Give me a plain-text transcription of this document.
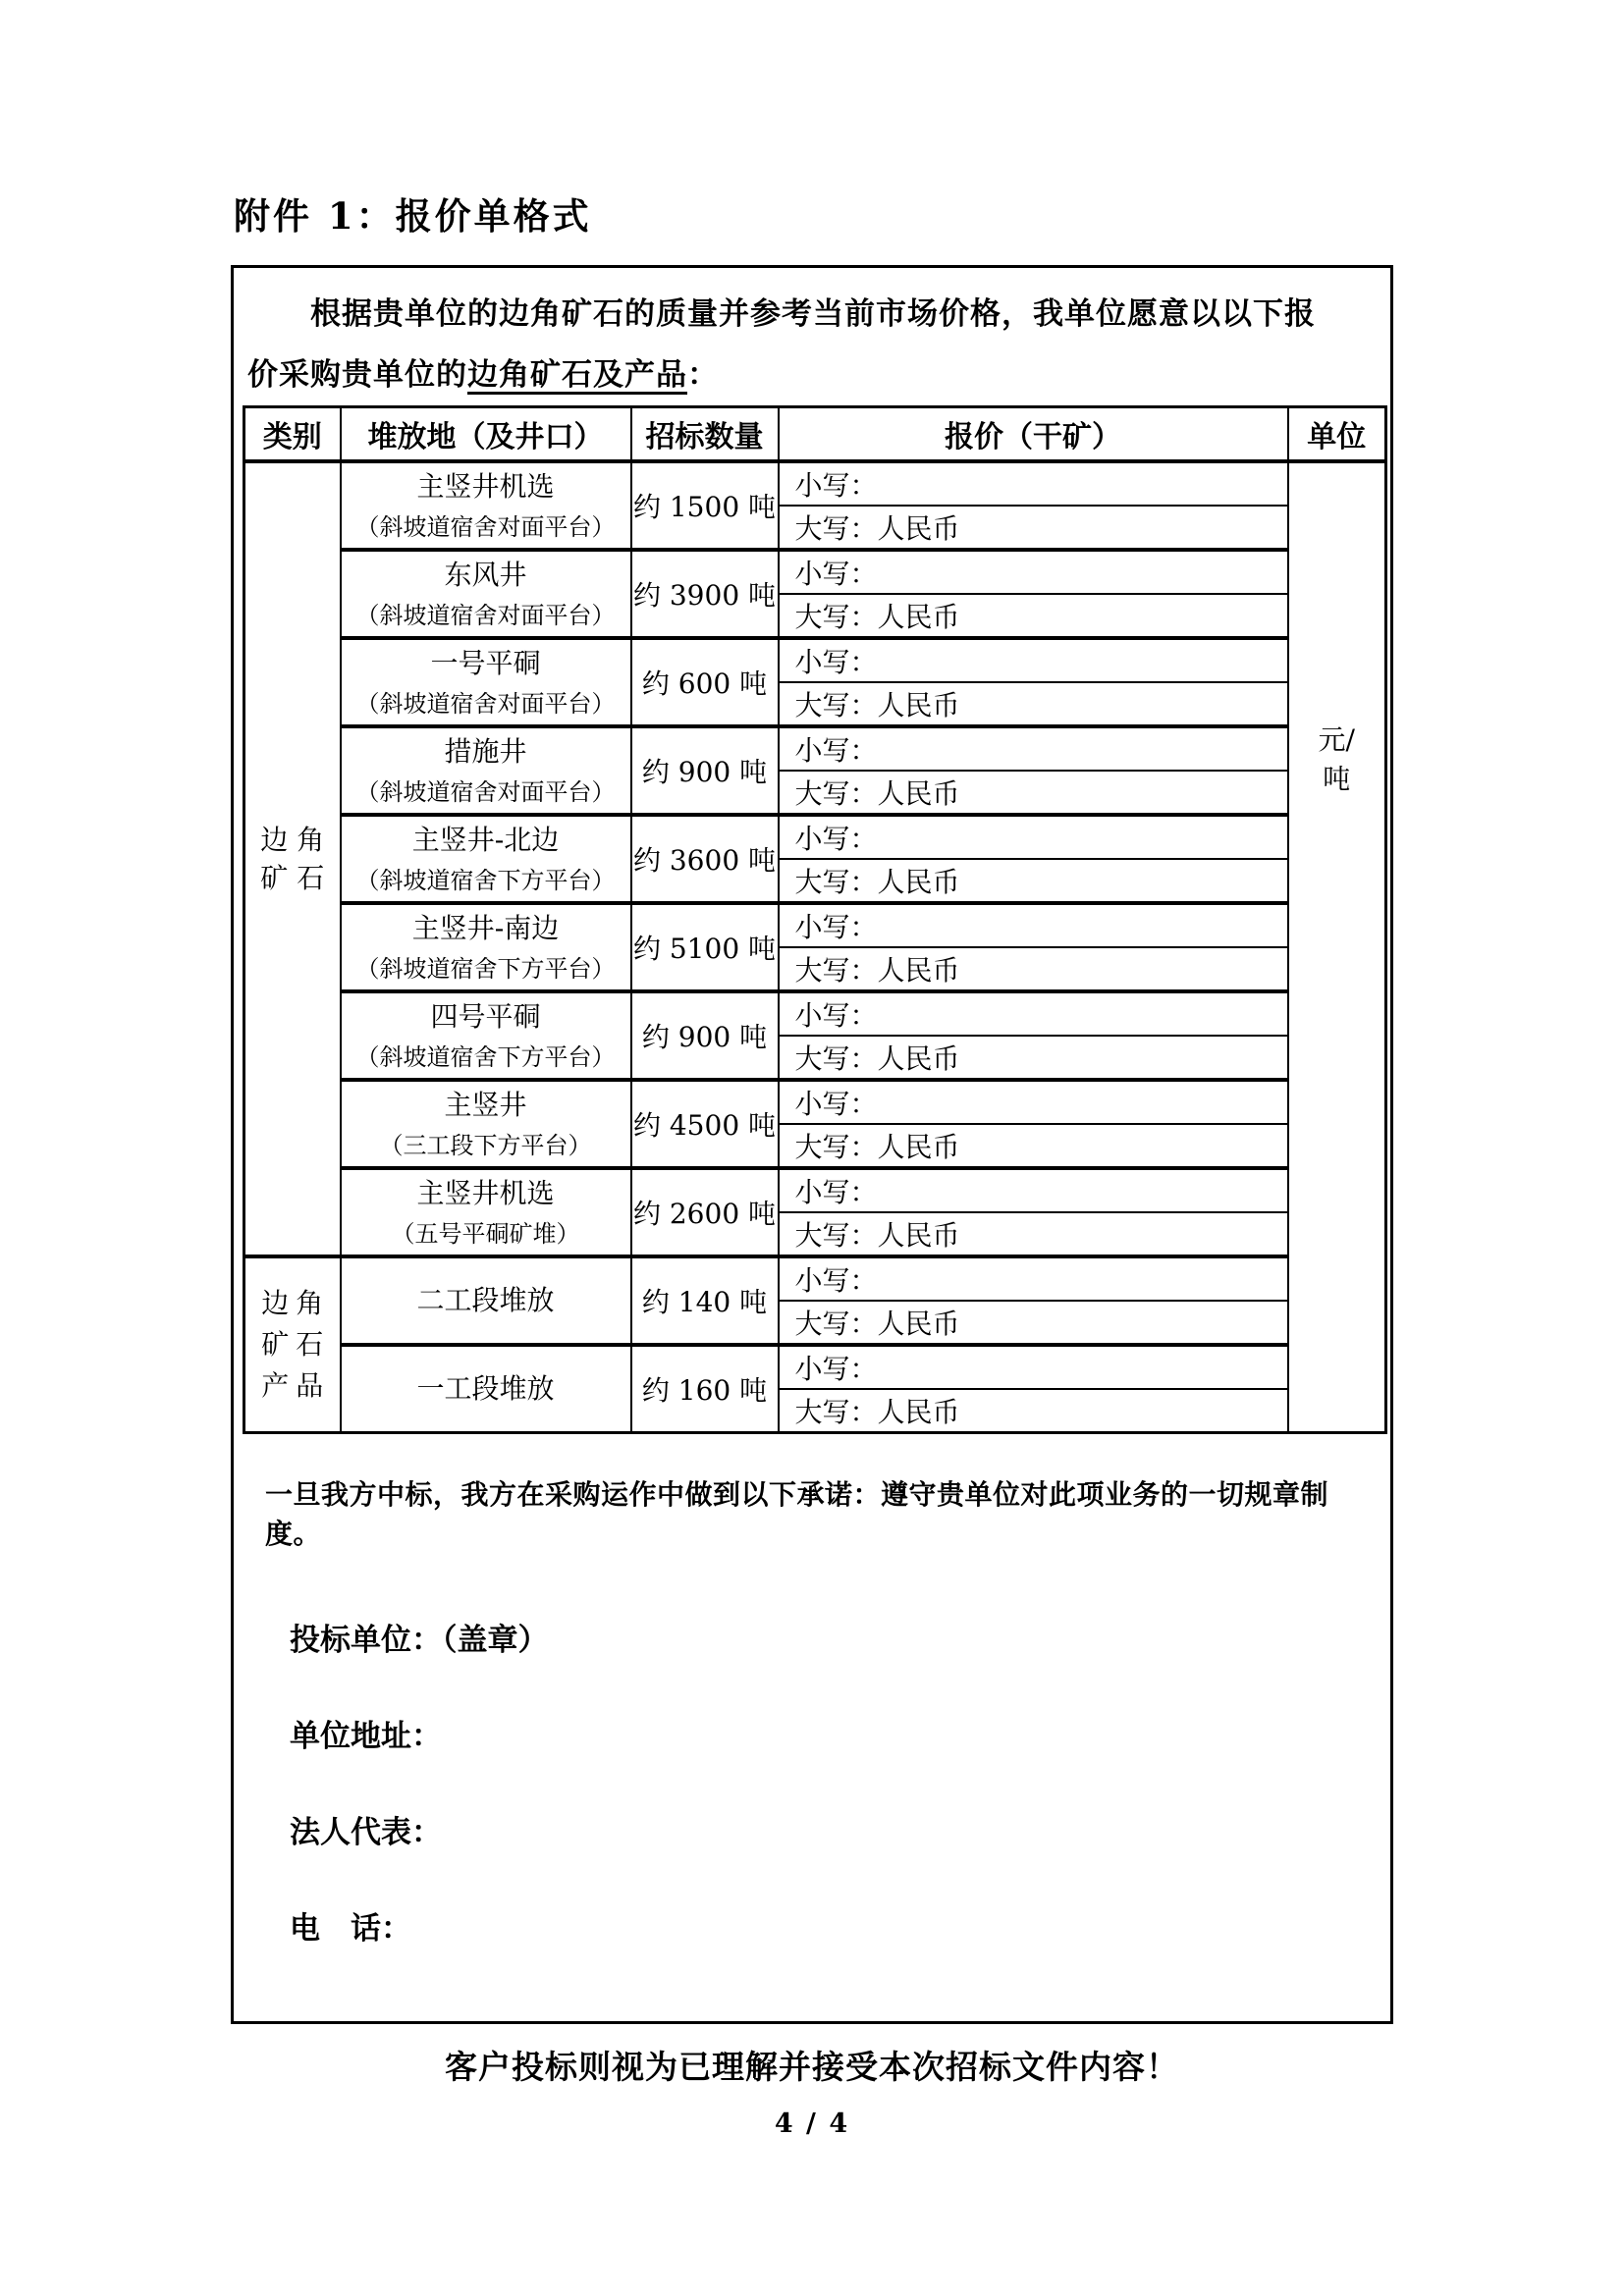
附件 1：报价单格式
根据贵单位的边角矿石的质量并参考当前市场价格，我单位愿意以以下报
价采购贵单位的边角矿石及产品：
类别	堆放地（及井口）	招标数量	报价（干矿）	单位

边 角
矿 石

主竖井机选
（斜坡道宿舍对面平台）
	约 1500 吨	小写：	
元/
吨

			大写：人民币	

	东风井
（斜坡道宿舍对面平台）	约 3900 吨	小写：	
			大写：人民币	

	一号平硐
（斜坡道宿舍对面平台）	约 600 吨	小写：	
			大写：人民币	

	措施井
（斜坡道宿舍对面平台）	约 900 吨	小写：	
			大写：人民币	

	主竖井-北边
（斜坡道宿舍下方平台）	约 3600 吨	小写：	
			大写：人民币	

	主竖井-南边
（斜坡道宿舍下方平台）	约 5100 吨	小写：	
			大写：人民币	

	四号平硐
（斜坡道宿舍下方平台）	约 900 吨	小写：	
			大写：人民币	

	主竖井
（三工段下方平台）	约 4500 吨	小写：	
			大写：人民币	

	主竖井机选
（五号平硐矿堆）	约 2600 吨	小写：	
			大写：人民币	

边角
矿石
产品	二工段堆放	约 140 吨	小写：	
			大写：人民币	

	一工段堆放	约 160 吨	小写：	
			大写：人民币	
一旦我方中标，我方在采购运作中做到以下承诺：遵守贵单位对此项业务的一切规章制度。
投标单位：（盖章）
单位地址：
法人代表：
电　话：
客户投标则视为已理解并接受本次招标文件内容！
4 / 4
